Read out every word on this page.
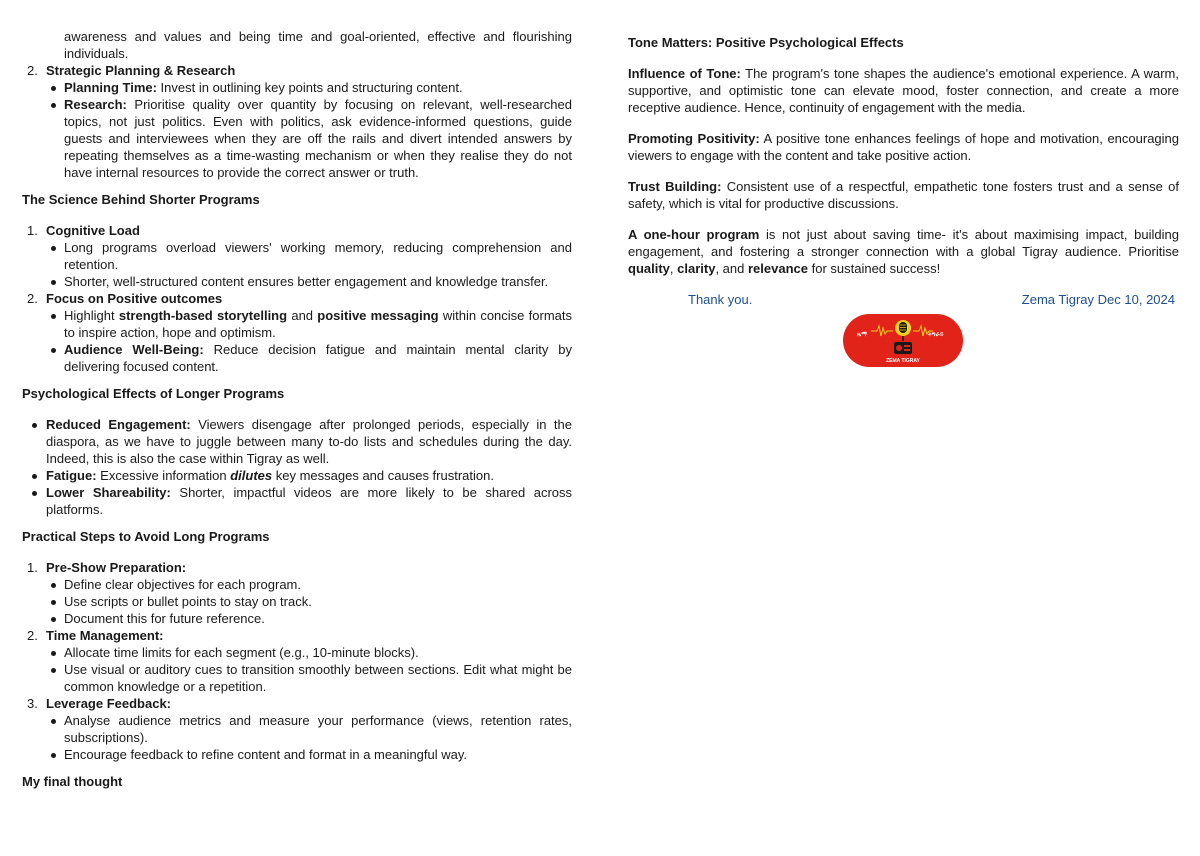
awareness and values and being time and goal-oriented, effective and flourishing individuals.

2. Strategic Planning & Research
Planning Time: Invest in outlining key points and structuring content.
Research: Prioritise quality over quantity by focusing on relevant, well-researched topics, not just politics. Even with politics, ask evidence-informed questions, guide guests and interviewees when they are off the rails and divert intended answers by repeating themselves as a time-wasting mechanism or when they realise they do not have internal resources to provide the correct answer or truth.

The Science Behind Shorter Programs

1. Cognitive Load
Long programs overload viewers' working memory, reducing comprehension and retention.
Shorter, well-structured content ensures better engagement and knowledge transfer.
2. Focus on Positive outcomes
Highlight strength-based storytelling and positive messaging within concise formats to inspire action, hope and optimism.
Audience Well-Being: Reduce decision fatigue and maintain mental clarity by delivering focused content.

Psychological Effects of Longer Programs

Reduced Engagement: Viewers disengage after prolonged periods, especially in the diaspora, as we have to juggle between many to-do lists and schedules during the day. Indeed, this is also the case within Tigray as well.
Fatigue: Excessive information dilutes key messages and causes frustration.
Lower Shareability: Shorter, impactful videos are more likely to be shared across platforms.

Practical Steps to Avoid Long Programs

1. Pre-Show Preparation:
Define clear objectives for each program.
Use scripts or bullet points to stay on track.
Document this for future reference.
2. Time Management:
Allocate time limits for each segment (e.g., 10-minute blocks).
Use visual or auditory cues to transition smoothly between sections. Edit what might be common knowledge or a repetition.
3. Leverage Feedback:
Analyse audience metrics and measure your performance (views, retention rates, subscriptions).
Encourage feedback to refine content and format in a meaningful way.

My final thought

Tone Matters: Positive Psychological Effects

Influence of Tone: The program's tone shapes the audience's emotional experience. A warm, supportive, and optimistic tone can elevate mood, foster connection, and create a more receptive audience. Hence, continuity of engagement with the media.

Promoting Positivity: A positive tone enhances feelings of hope and motivation, encouraging viewers to engage with the content and take positive action.

Trust Building: Consistent use of a respectful, empathetic tone fosters trust and a sense of safety, which is vital for productive discussions.

A one-hour program is not just about saving time- it's about maximising impact, building engagement, and fostering a stronger connection with a global Tigray audience. Prioritise quality, clarity, and relevance for sustained success!

Thank you.	Zema Tigray Dec 10, 2024
ዜማ	ትግራይ
ZEMA TIGRAY
